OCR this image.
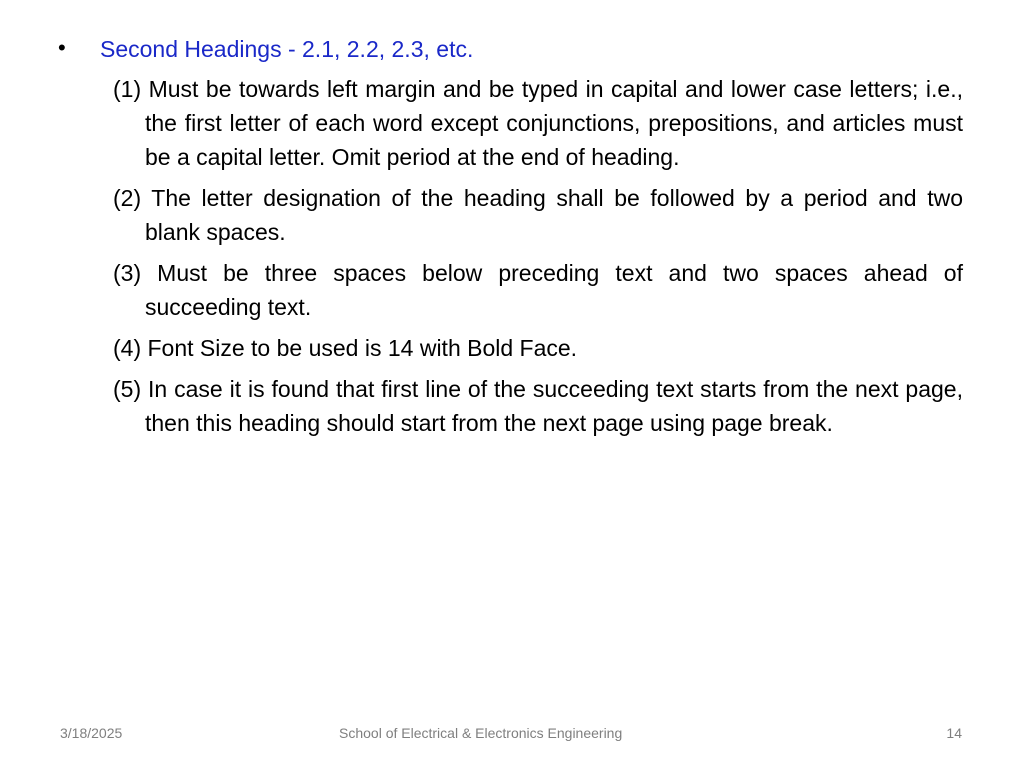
• Second Headings - 2.1, 2.2, 2.3, etc.

(1) Must be towards left margin and be typed in capital and lower case letters; i.e., the first letter of each word except conjunctions, prepositions, and articles must be a capital letter. Omit period at the end of heading.

(2) The letter designation of the heading shall be followed by a period and two blank spaces.

(3) Must be three spaces below preceding text and two spaces ahead of succeeding text.

(4) Font Size to be used is 14 with Bold Face.

(5) In case it is found that first line of the succeeding text starts from the next page, then this heading should start from the next page using page break.

3/18/2025	School of Electrical & Electronics Engineering	14
